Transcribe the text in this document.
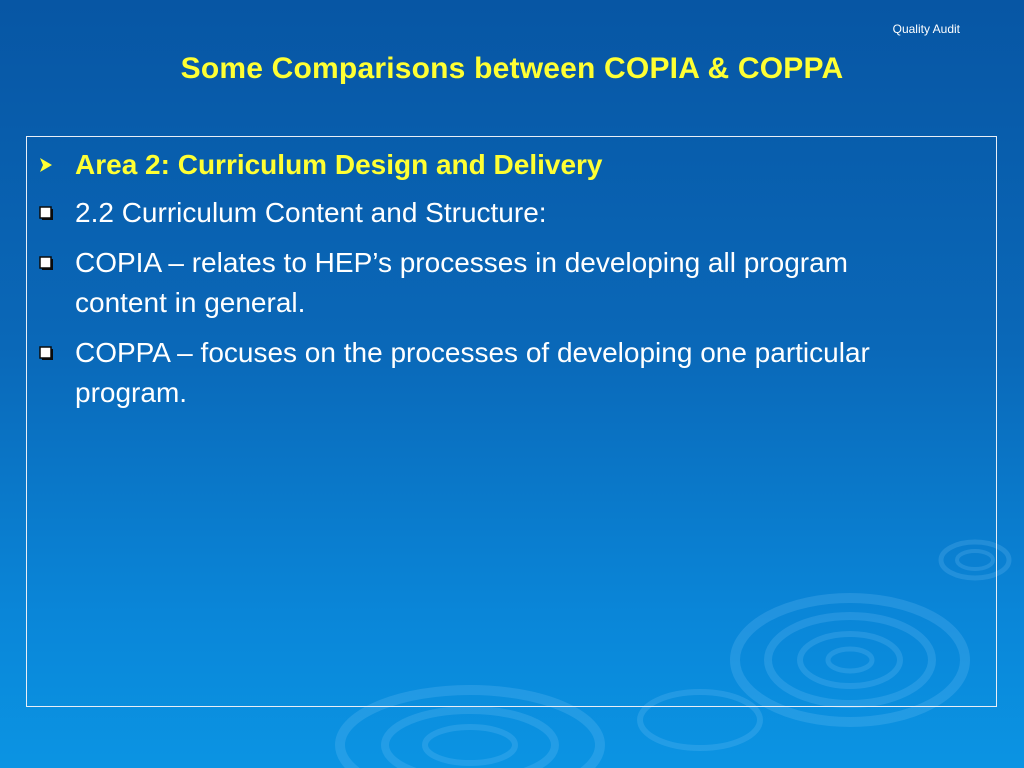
Quality Audit
Some Comparisons between COPIA & COPPA
Area 2: Curriculum Design and Delivery
2.2 Curriculum Content and Structure:
COPIA – relates to HEP’s processes in developing all program content in general.
COPPA – focuses on the processes of developing one particular program.
